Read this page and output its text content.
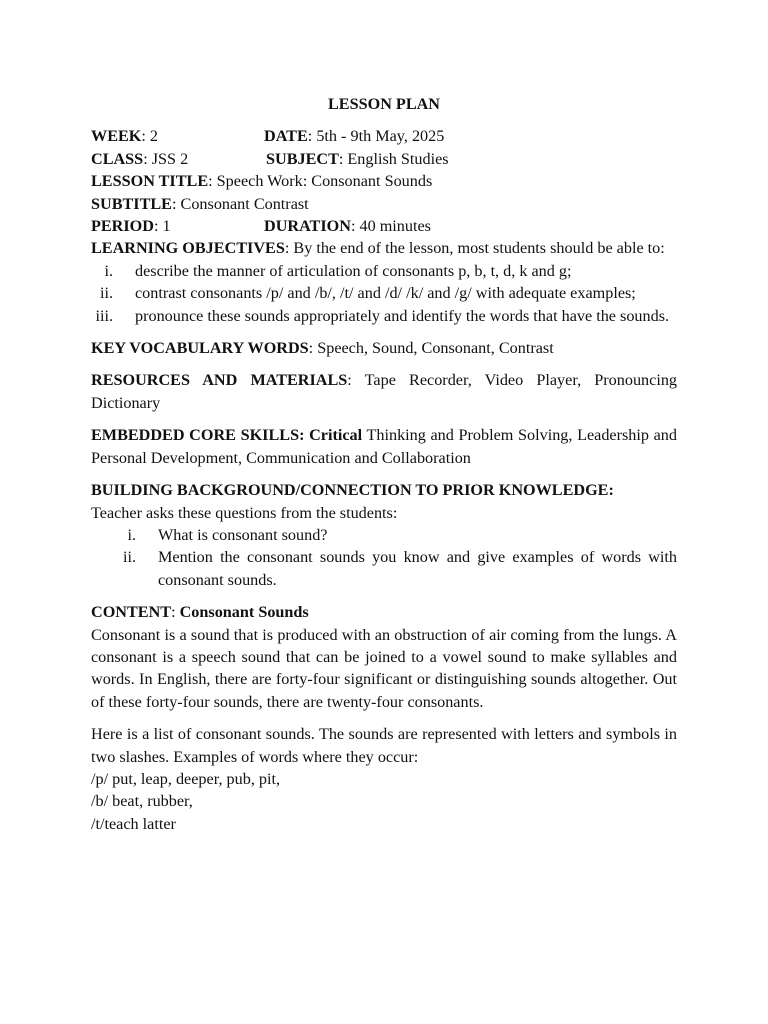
LESSON PLAN
WEEK: 2	DATE: 5th - 9th May, 2025
CLASS: JSS 2	SUBJECT: English Studies
LESSON TITLE: Speech Work: Consonant Sounds
SUBTITLE: Consonant Contrast
PERIOD: 1	DURATION: 40 minutes

LEARNING OBJECTIVES: By the end of the lesson, most students should be able to:

i.	describe the manner of articulation of consonants p, b, t, d, k and g;
ii.	contrast consonants /p/ and /b/, /t/ and /d/ /k/ and /g/ with adequate examples;
iii.	pronounce these sounds appropriately and identify the words that have the sounds.

KEY VOCABULARY WORDS: Speech, Sound, Consonant, Contrast

RESOURCES AND MATERIALS: Tape Recorder, Video Player, Pronouncing Dictionary

EMBEDDED CORE SKILLS: Critical Thinking and Problem Solving, Leadership and Personal Development, Communication and Collaboration

BUILDING BACKGROUND/CONNECTION TO PRIOR KNOWLEDGE:

Teacher asks these questions from the students:

i.	What is consonant sound?
ii.	Mention the consonant sounds you know and give examples of words with consonant sounds.

CONTENT: Consonant Sounds

Consonant is a sound that is produced with an obstruction of air coming from the lungs. A consonant is a speech sound that can be joined to a vowel sound to make syllables and words. In English, there are forty-four significant or distinguishing sounds altogether. Out of these forty-four sounds, there are twenty-four consonants.

Here is a list of consonant sounds. The sounds are represented with letters and symbols in two slashes. Examples of words where they occur:

/p/ put, leap, deeper, pub, pit,
/b/ beat, rubber,
/t/teach latter
